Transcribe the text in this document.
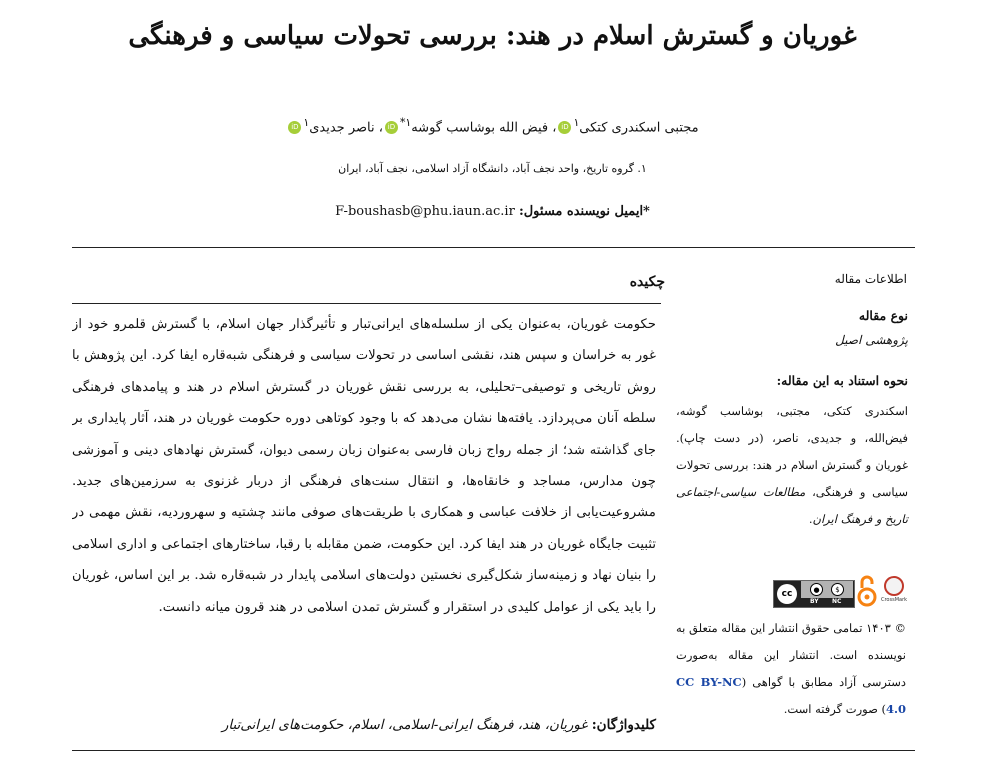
غوریان و گسترش اسلام در هند: بررسی تحولات سیاسی و فرهنگی
مجتبی اسکندری کتکی$^۱$iD، فیض الله بوشاسب گوشه$^{۱*}$iD، ناصر جدیدی$^۱$iD
۱. گروه تاریخ، واحد نجف آباد، دانشگاه آزاد اسلامی، نجف آباد، ایران
*ایمیل نویسنده مسئول: F-boushasb@phu.iaun.ac.ir
اطلاعات مقاله
چکیده
حکومت غوریان، به‌عنوان یکی از سلسله‌های ایرانی‌تبار و تأثیرگذار جهان اسلام، با گسترش قلمرو خود از غور به خراسان و سپس هند، نقشی اساسی در تحولات سیاسی و فرهنگی شبه‌قاره ایفا کرد. این پژوهش با روش تاریخی و توصیفی–تحلیلی، به بررسی نقش غوریان در گسترش اسلام در هند و پیامدهای فرهنگی سلطه آنان می‌پردازد. یافته‌ها نشان می‌دهد که با وجود کوتاهی دوره حکومت غوریان در هند، آثار پایداری بر جای گذاشته شد؛ از جمله رواج زبان فارسی به‌عنوان زبان رسمی دیوان، گسترش نهادهای دینی و آموزشی چون مدارس، مساجد و خانقاه‌ها، و انتقال سنت‌های فرهنگی از دربار غزنوی به سرزمین‌های جدید. مشروعیت‌یابی از خلافت عباسی و همکاری با طریقت‌های صوفی مانند چشتیه و سهروردیه، نقش مهمی در تثبیت جایگاه غوریان در هند ایفا کرد. این حکومت، ضمن مقابله با رقبا، ساختارهای اجتماعی و اداری اسلامی را بنیان نهاد و زمینه‌ساز شکل‌گیری نخستین دولت‌های اسلامی پایدار در شبه‌قاره شد. بر این اساس، غوریان را باید یکی از عوامل کلیدی در استقرار و گسترش تمدن اسلامی در هند قرون میانه دانست.
کلیدواژگان: غوریان، هند، فرهنگ ایرانی-اسلامی، اسلام، حکومت‌های ایرانی‌تبار
نوع مقاله
پژوهشی اصیل
نحوه استناد به این مقاله:
اسکندری کتکی، مجتبی، بوشاسب گوشه، فیض‌الله، و جدیدی، ناصر، (در دست چاپ). غوریان و گسترش اسلام در هند: بررسی تحولات سیاسی و فرهنگی، مطالعات سیاسی-اجتماعی تاریخ و فرهنگ ایران.
cc	●	$
BY NC	CrossMark
© ۱۴۰۳ تمامی حقوق انتشار این مقاله متعلق به نویسنده است. انتشار این مقاله به‌صورت دسترسی آزاد مطابق با گواهی (CC BY-NC 4.0) صورت گرفته است.
